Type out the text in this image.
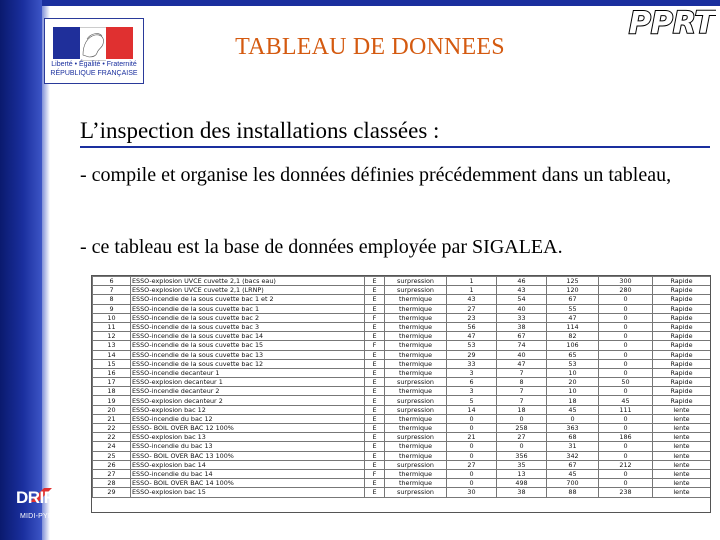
Liberté • Égalité • Fraternité
RÉPUBLIQUE FRANÇAISE
PPRT
TABLEAU DE DONNEES
L’inspection des installations classées :
- compile et organise les données définies précédemment dans un tableau,
- ce tableau est la base de données employée par SIGALEA.
6	ESSO-explosion UVCE cuvette 2,1 (bacs eau)	E	surpression	1	46	125	300	Rapide
7	ESSO-explosion UVCE cuvette 2,1 (LRNP)	E	surpression	1	43	120	280	Rapide
8	ESSO-incendie de la sous cuvette bac 1 et 2	E	thermique	43	54	67	0	Rapide
9	ESSO-incendie de la sous cuvette bac 1	E	thermique	27	40	55	0	Rapide
10	ESSO-incendie de la sous cuvette bac 2	F	thermique	23	33	47	0	Rapide
11	ESSO-incendie de la sous cuvette bac 3	E	thermique	56	38	114	0	Rapide
12	ESSO-incendie de la sous cuvette bac 14	E	thermique	47	67	82	0	Rapide
13	ESSO-incendie de la sous cuvette bac 15	F	thermique	53	74	106	0	Rapide
14	ESSO-incendie de la sous cuvette bac 13	E	thermique	29	40	65	0	Rapide
15	ESSO-incendie de la sous cuvette bac 12	E	thermique	33	47	53	0	Rapide
16	ESSO-incendie decanteur 1	E	thermique	3	7	10	0	Rapide
17	ESSO-explosion decanteur 1	E	surpression	6	8	20	50	Rapide
18	ESSO-incendie decanteur 2	E	thermique	3	7	10	0	Rapide
19	ESSO-explosion decanteur 2	E	surpression	5	7	18	45	Rapide
20	ESSO-explosion bac 12	E	surpression	14	18	45	111	lente
21	ESSO-incendie du bac 12	E	thermique	0	0	0	0	lente
22	ESSO- BOIL OVER BAC 12 100%	E	thermique	0	258	363	0	lente
22	ESSO-explosion bac 13	E	surpression	21	27	68	186	lente
24	ESSO-incendie du bac 13	E	thermique	0	0	31	0	lente
25	ESSO- BOIL OVER BAC 13 100%	E	thermique	0	356	342	0	lente
26	ESSO-explosion bac 14	E	surpression	27	35	67	212	lente
27	ESSO-incendie du bac 14	F	thermique	0	13	45	0	lente
28	ESSO- BOIL OVER BAC 14 100%	E	thermique	0	498	700	0	lente
29	ESSO-explosion bac 15	E	surpression	30	38	88	238	lente
DRIRE
MIDI-PYRÉNÉES
